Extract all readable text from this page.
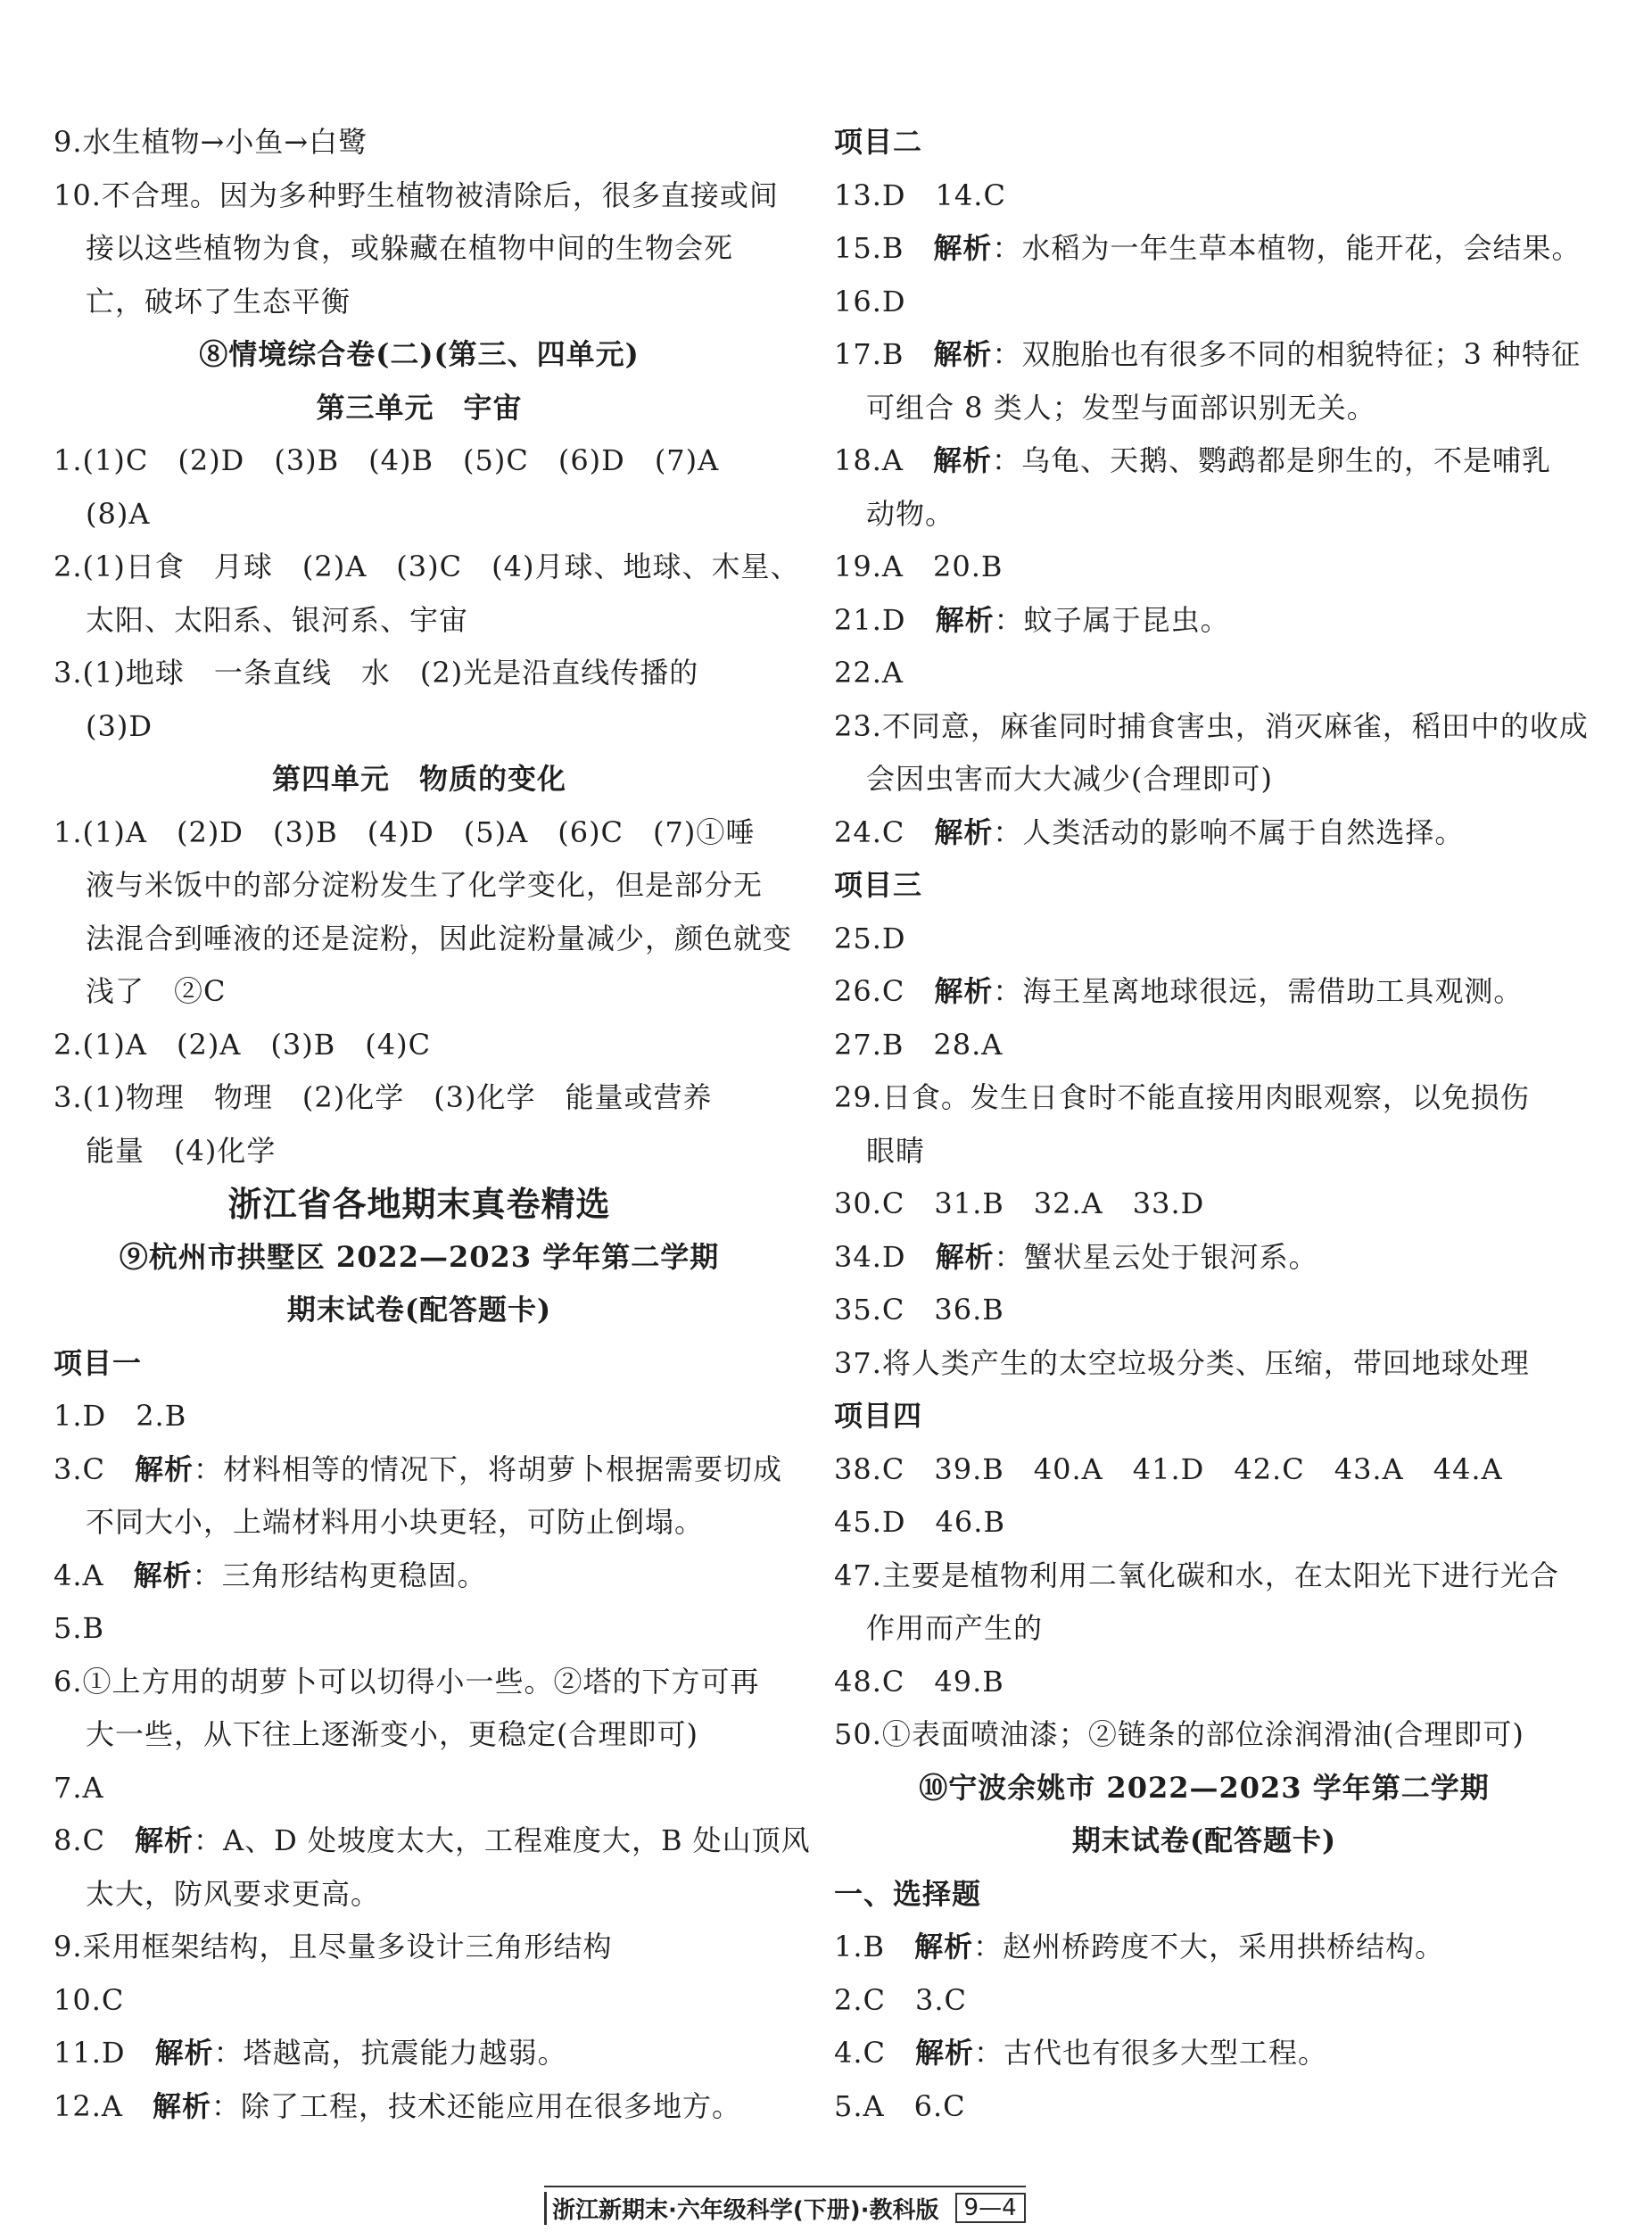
9.水生植物→小鱼→白鹭
10.不合理。因为多种野生植物被清除后，很多直接或间
接以这些植物为食，或躲藏在植物中间的生物会死
亡，破坏了生态平衡
⑧情境综合卷(二)(第三、四单元)
第三单元　宇宙
1.(1)C　(2)D　(3)B　(4)B　(5)C　(6)D　(7)A
(8)A
2.(1)日食　月球　(2)A　(3)C　(4)月球、地球、木星、
太阳、太阳系、银河系、宇宙
3.(1)地球　一条直线　水　(2)光是沿直线传播的
(3)D
第四单元　物质的变化
1.(1)A　(2)D　(3)B　(4)D　(5)A　(6)C　(7)①唾
液与米饭中的部分淀粉发生了化学变化，但是部分无
法混合到唾液的还是淀粉，因此淀粉量减少，颜色就变
浅了　②C
2.(1)A　(2)A　(3)B　(4)C
3.(1)物理　物理　(2)化学　(3)化学　能量或营养
能量　(4)化学
浙江省各地期末真卷精选
⑨杭州市拱墅区 2022—2023 学年第二学期
期末试卷(配答题卡)
项目一
1.D　2.B
3.C　解析：材料相等的情况下，将胡萝卜根据需要切成
不同大小，上端材料用小块更轻，可防止倒塌。
4.A　解析：三角形结构更稳固。
5.B
6.①上方用的胡萝卜可以切得小一些。②塔的下方可再
大一些，从下往上逐渐变小，更稳定(合理即可)
7.A
8.C　解析：A、D 处坡度太大，工程难度大，B 处山顶风
太大，防风要求更高。
9.采用框架结构，且尽量多设计三角形结构
10.C
11.D　解析：塔越高，抗震能力越弱。
12.A　解析：除了工程，技术还能应用在很多地方。
项目二
13.D　14.C
15.B　解析：水稻为一年生草本植物，能开花，会结果。
16.D
17.B　解析：双胞胎也有很多不同的相貌特征；3 种特征
可组合 8 类人；发型与面部识别无关。
18.A　解析：乌龟、天鹅、鹦鹉都是卵生的，不是哺乳
动物。
19.A　20.B
21.D　解析：蚊子属于昆虫。
22.A
23.不同意，麻雀同时捕食害虫，消灭麻雀，稻田中的收成
会因虫害而大大减少(合理即可)
24.C　解析：人类活动的影响不属于自然选择。
项目三
25.D
26.C　解析：海王星离地球很远，需借助工具观测。
27.B　28.A
29.日食。发生日食时不能直接用肉眼观察，以免损伤
眼睛
30.C　31.B　32.A　33.D
34.D　解析：蟹状星云处于银河系。
35.C　36.B
37.将人类产生的太空垃圾分类、压缩，带回地球处理
项目四
38.C　39.B　40.A　41.D　42.C　43.A　44.A
45.D　46.B
47.主要是植物利用二氧化碳和水，在太阳光下进行光合
作用而产生的
48.C　49.B
50.①表面喷油漆；②链条的部位涂润滑油(合理即可)
⑩宁波余姚市 2022—2023 学年第二学期
期末试卷(配答题卡)
一、选择题
1.B　解析：赵州桥跨度不大，采用拱桥结构。
2.C　3.C
4.C　解析：古代也有很多大型工程。
5.A　6.C
浙江新期末·六年级科学(下册)·教科版	9—4
